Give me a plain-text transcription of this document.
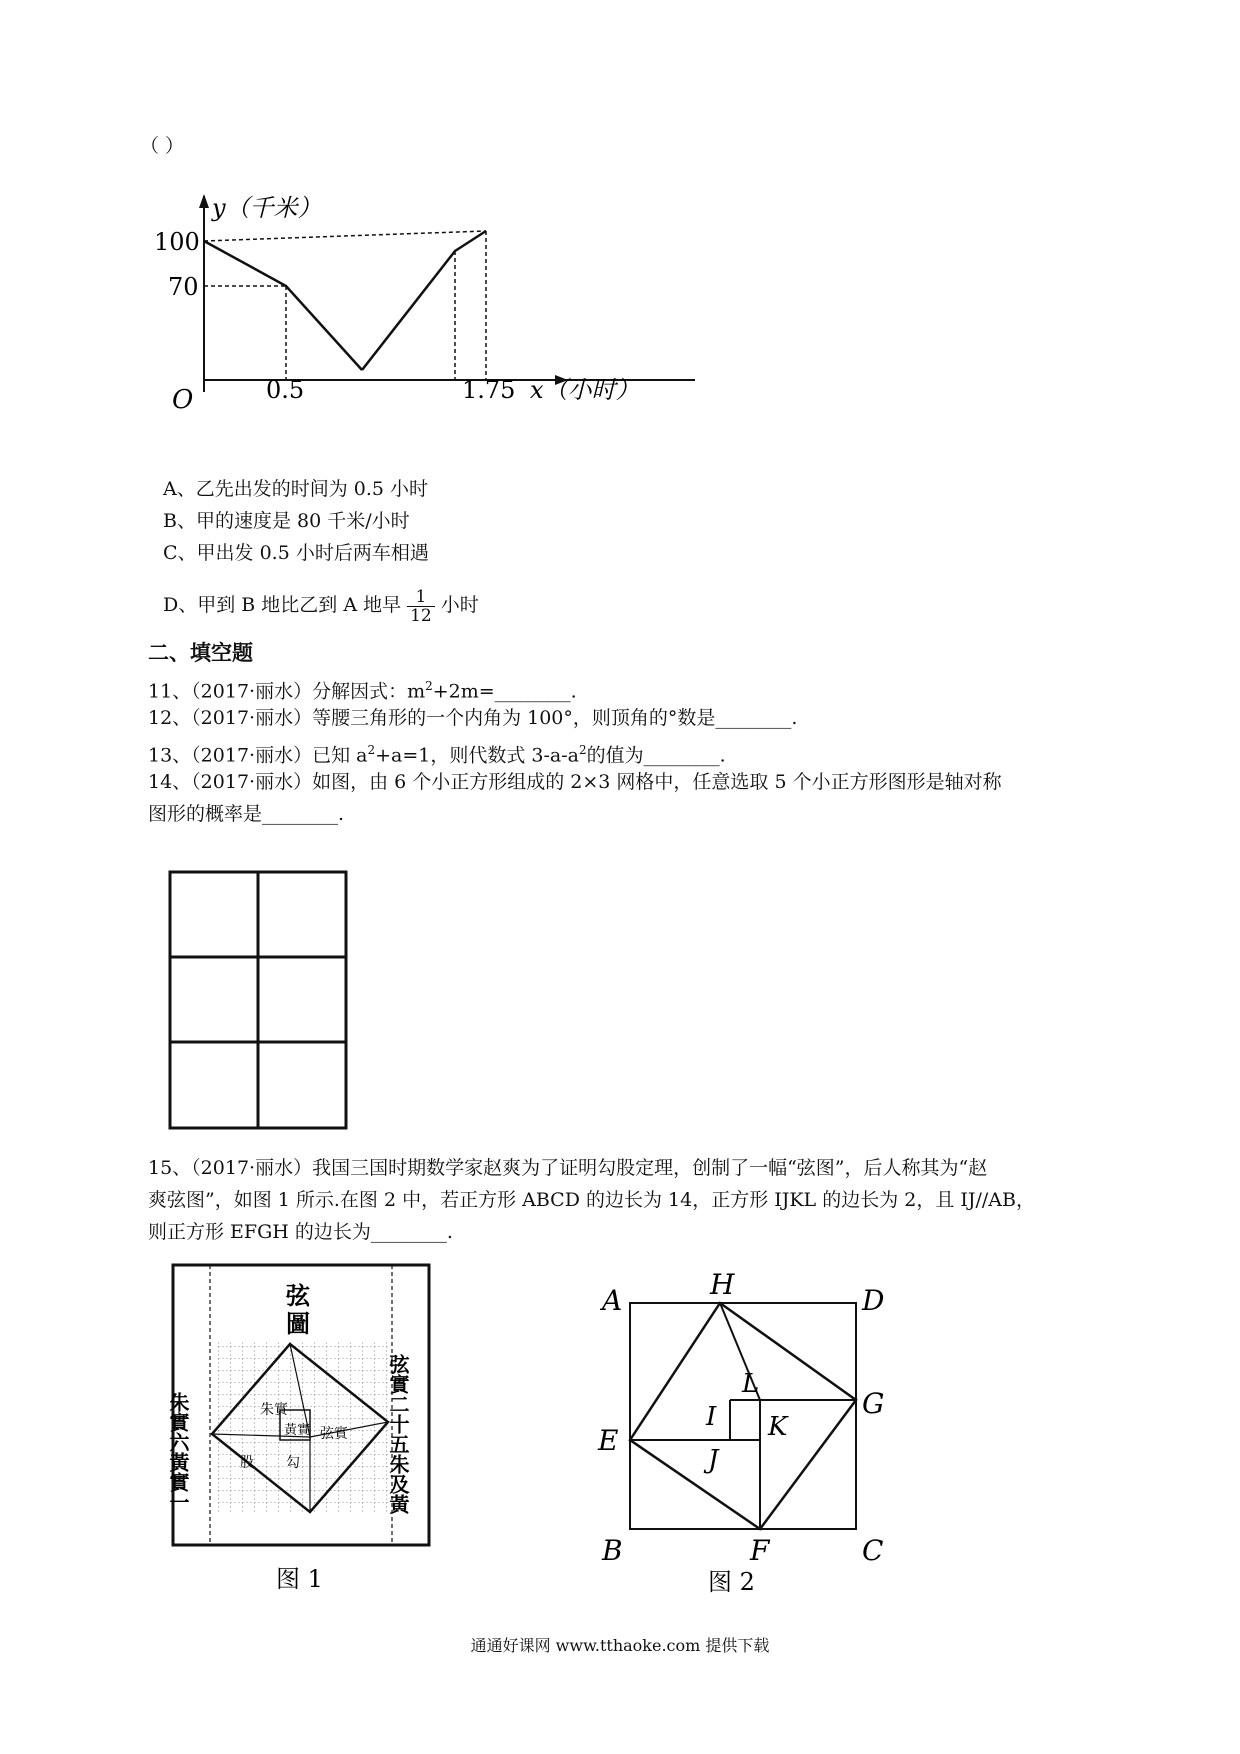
（ ）
y（千米）
100
70
O	0.5	1.75 x（小时）
A、乙先出发的时间为 0.5 小时
B、甲的速度是 80 千米/小时
C、甲出发 0.5 小时后两车相遇
D、甲到 B 地比乙到 A 地早 $\frac{1}{12}$ 小时
二、填空题
11、（2017·丽水）分解因式：$m^2+2m=\_\_\_\_\_\_\_\_$.
12、（2017·丽水）等腰三角形的一个内角为 100°，则顶角的°数是________.
13、（2017·丽水）已知 $a^2+a=1$，则代数式 $3-a-a^2$的值为________.
14、（2017·丽水）如图，由 6 个小正方形组成的 2×3 网格中，任意选取 5 个小正方形图形是轴对称
图形的概率是________.
15、（2017·丽水）我国三国时期数学家赵爽为了证明勾股定理，创制了一幅“弦图”，后人称其为“赵
爽弦图”，如图 1 所示.在图 2 中，若正方形 ABCD 的边长为 14，正方形 IJKL 的边长为 2，且 IJ//AB，
则正方形 EFGH 的边长为________.
弦
圖
朱實六黃實一	弦實二十五朱及黃
朱實
黃實 弦實
股 勾
图 1
A	H	D
G
E
B	F	C
I
L
K
J
图 2
通通好课网 www.tthaoke.com 提供下载
